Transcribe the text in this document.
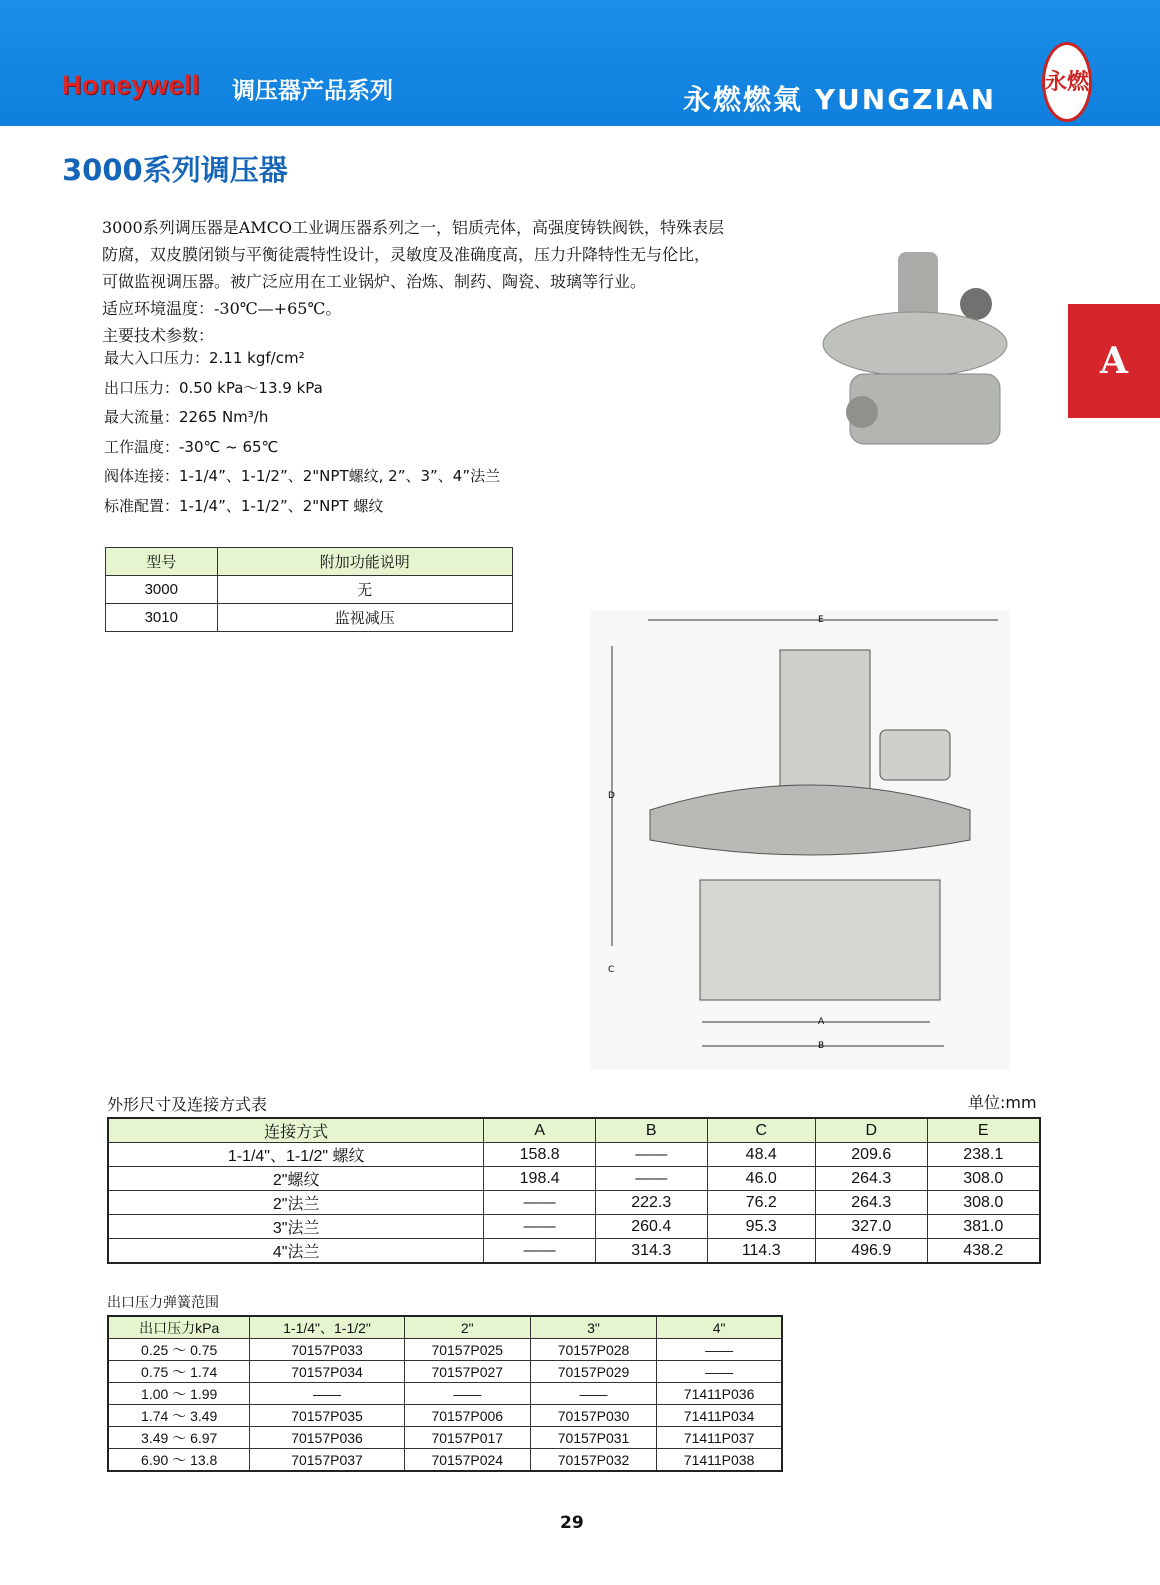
Honeywell 调压器产品系列	永燃燃氣 YUNGZIAN
永燃
3000系列调压器
3000系列调压器是AMCO工业调压器系列之一，铝质壳体，高强度铸铁阀铁，特殊表层
防腐，双皮膜闭锁与平衡徒震特性设计，灵敏度及准确度高，压力升降特性无与伦比，
可做监视调压器。被广泛应用在工业锅炉、治炼、制药、陶瓷、玻璃等行业。
适应环境温度：-30℃—+65℃。
主要技术参数：
最大入口压力：2.11 kgf/cm²
出口压力：0.50 kPa～13.9 kPa
最大流量：2265 Nm³/h
工作温度：-30℃ ~ 65℃
阀体连接：1-1/4”、1-1/2”、2"NPT螺纹, 2”、3”、4”法兰
标准配置：1-1/4”、1-1/2”、2"NPT 螺纹
A
型号	附加功能说明
3000	无
3010	监视减压	E
D
C
A
B
外形尺寸及连接方式表	单位:mm
连接方式	A	B	C	D	E
1-1/4"、1-1/2" 螺纹	158.8	——	48.4	209.6	238.1
2"螺纹	198.4	——	46.0	264.3	308.0
2"法兰	——	222.3	76.2	264.3	308.0
3"法兰	——	260.4	95.3	327.0	381.0
4"法兰	——	314.3	114.3	496.9	438.2
出口压力弹簧范围
出口压力kPa	1-1/4"、1-1/2"	2"	3"	4"
0.25 ～ 0.75	70157P033	70157P025	70157P028	——
0.75 ～ 1.74	70157P034	70157P027	70157P029	——
1.00 ～ 1.99	——	——	——	71411P036
1.74 ～ 3.49	70157P035	70157P006	70157P030	71411P034
3.49 ～ 6.97	70157P036	70157P017	70157P031	71411P037
6.90 ～ 13.8	70157P037	70157P024	70157P032	71411P038
29
